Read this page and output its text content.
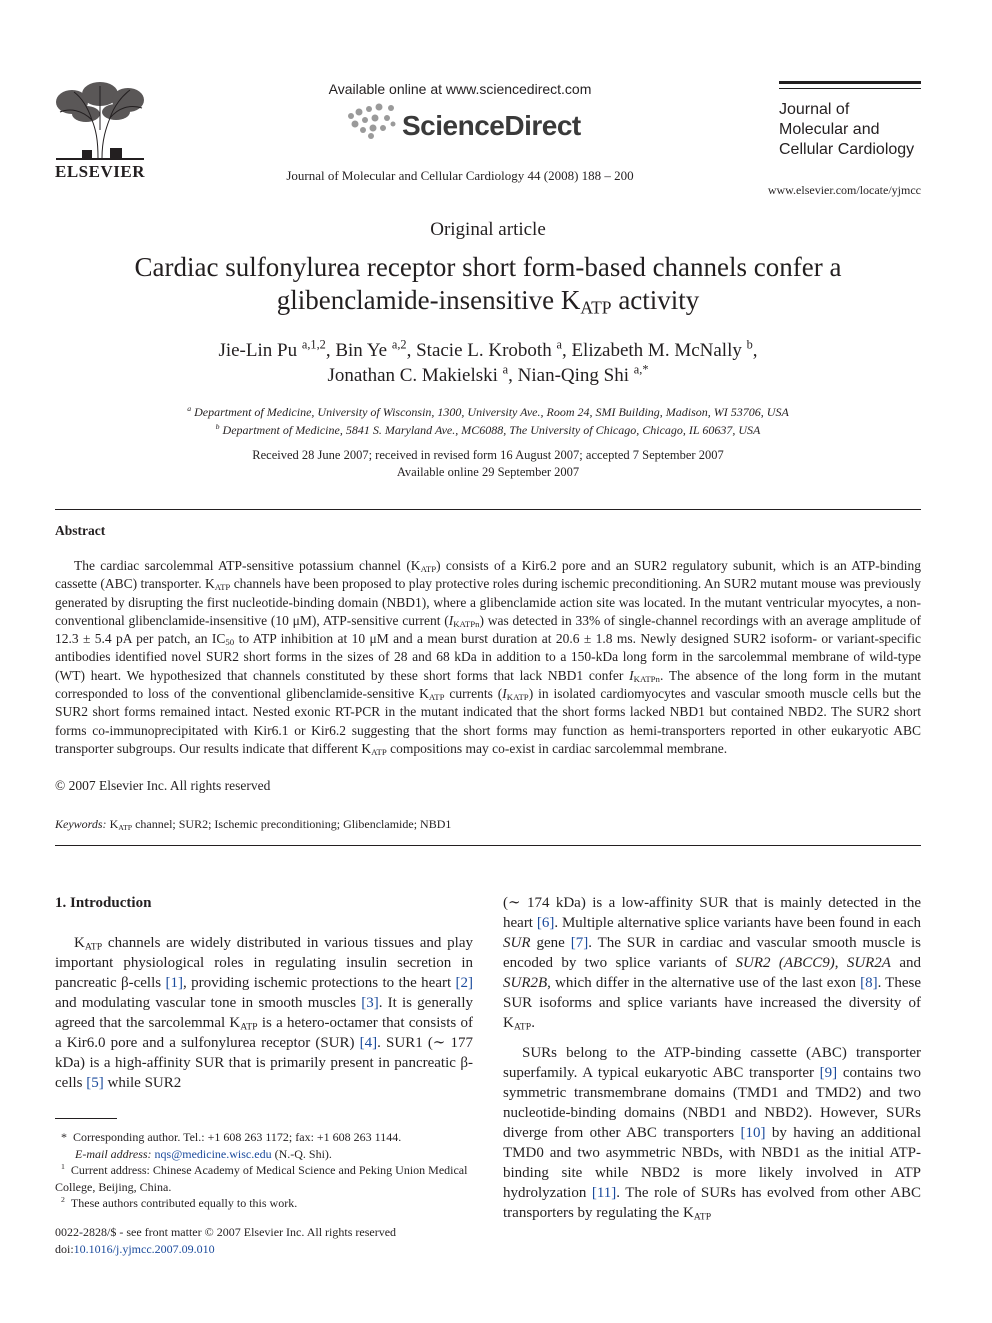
ELSEVIER
Available online at www.sciencedirect.com
ScienceDirect
Journal of Molecular and Cellular Cardiology 44 (2008) 188 – 200
Journal of
Molecular and
Cellular Cardiology
www.elsevier.com/locate/yjmcc
Original article
Cardiac sulfonylurea receptor short form-based channels confer a
glibenclamide-insensitive $K_{ATP}$ activity
Jie-Lin Pu $^{a,1,2}$, Bin Ye $^{a,2}$, Stacie L. Kroboth $^a$, Elizabeth M. McNally $^b$,
Jonathan C. Makielski $^a$, Nian-Qing Shi $^{a,*}$
$^a$ Department of Medicine, University of Wisconsin, 1300, University Ave., Room 24, SMI Building, Madison, WI 53706, USA
$^b$ Department of Medicine, 5841 S. Maryland Ave., MC6088, The University of Chicago, Chicago, IL 60637, USA
Received 28 June 2007; received in revised form 16 August 2007; accepted 7 September 2007
Available online 29 September 2007
Abstract
The cardiac sarcolemmal ATP-sensitive potassium channel $(K_{ATP})$ consists of a Kir6.2 pore and an SUR2 regulatory subunit, which is an ATP-binding cassette (ABC) transporter. $K_{ATP}$ channels have been proposed to play protective roles during ischemic preconditioning. An SUR2 mutant mouse was previously generated by disrupting the first nucleotide-binding domain (NBD1), where a glibenclamide action site was located. In the mutant ventricular myocytes, a non-conventional glibenclamide-insensitive (10 μM), ATP-sensitive current $(I_{KATPn})$ was detected in 33% of single-channel recordings with an average amplitude of 12.3 ± 5.4 pA per patch, an $IC_{50}$ to ATP inhibition at 10 μM and a mean burst duration at 20.6 ± 1.8 ms. Newly designed SUR2 isoform- or variant-specific antibodies identified novel SUR2 short forms in the sizes of 28 and 68 kDa in addition to a 150-kDa long form in the sarcolemmal membrane of wild-type (WT) heart. We hypothesized that channels constituted by these short forms that lack NBD1 confer $I_{KATPn}$. The absence of the long form in the mutant corresponded to loss of the conventional glibenclamide-sensitive $K_{ATP}$ currents $(I_{KATP})$ in isolated cardiomyocytes and vascular smooth muscle cells but the SUR2 short forms remained intact. Nested exonic RT-PCR in the mutant indicated that the short forms lacked NBD1 but contained NBD2. The SUR2 short forms co-immunoprecipitated with Kir6.1 or Kir6.2 suggesting that the short forms may function as hemi-transporters reported in other eukaryotic ABC transporter subgroups. Our results indicate that different $K_{ATP}$ compositions may co-exist in cardiac sarcolemmal membrane.
© 2007 Elsevier Inc. All rights reserved
Keywords: $K_{ATP}$ channel; SUR2; Ischemic preconditioning; Glibenclamide; NBD1

1. Introduction

$K_{ATP}$ channels are widely distributed in various tissues and play important physiological roles in regulating insulin secretion in pancreatic β-cells [1], providing ischemic protections to the heart [2] and modulating vascular tone in smooth muscles [3]. It is generally agreed that the sarcolemmal $K_{ATP}$ is a hetero-octamer that consists of a Kir6.0 pore and a sulfonylurea receptor (SUR) [4]. SUR1 (∼ 177 kDa) is a high-affinity SUR that is primarily present in pancreatic β-cells [5] while SUR2

(∼ 174 kDa) is a low-affinity SUR that is mainly detected in the heart [6]. Multiple alternative splice variants have been found in each SUR gene [7]. The SUR in cardiac and vascular smooth muscle is encoded by two splice variants of SUR2 (ABCC9), SUR2A and SUR2B, which differ in the alternative use of the last exon [8]. These SUR isoforms and splice variants have increased the diversity of $K_{ATP}$.

SURs belong to the ATP-binding cassette (ABC) transporter superfamily. A typical eukaryotic ABC transporter [9] contains two symmetric transmembrane domains (TMD1 and TMD2) and two nucleotide-binding domains (NBD1 and NBD2). However, SURs diverge from other ABC transporters [10] by having an additional TMD0 and two asymmetric NBDs, with NBD1 as the initial ATP-binding site while NBD2 is more likely involved in ATP hydrolyzation [11]. The role of SURs has evolved from other ABC transporters by regulating the $K_{ATP}$

* Corresponding author. Tel.: +1 608 263 1172; fax: +1 608 263 1144.

E-mail address: nqs@medicine.wisc.edu (N.-Q. Shi).

$^1$ Current address: Chinese Academy of Medical Science and Peking Union Medical College, Beijing, China.

$^2$ These authors contributed equally to this work.

0022-2828/$ - see front matter © 2007 Elsevier Inc. All rights reserved
doi:10.1016/j.yjmcc.2007.09.010
